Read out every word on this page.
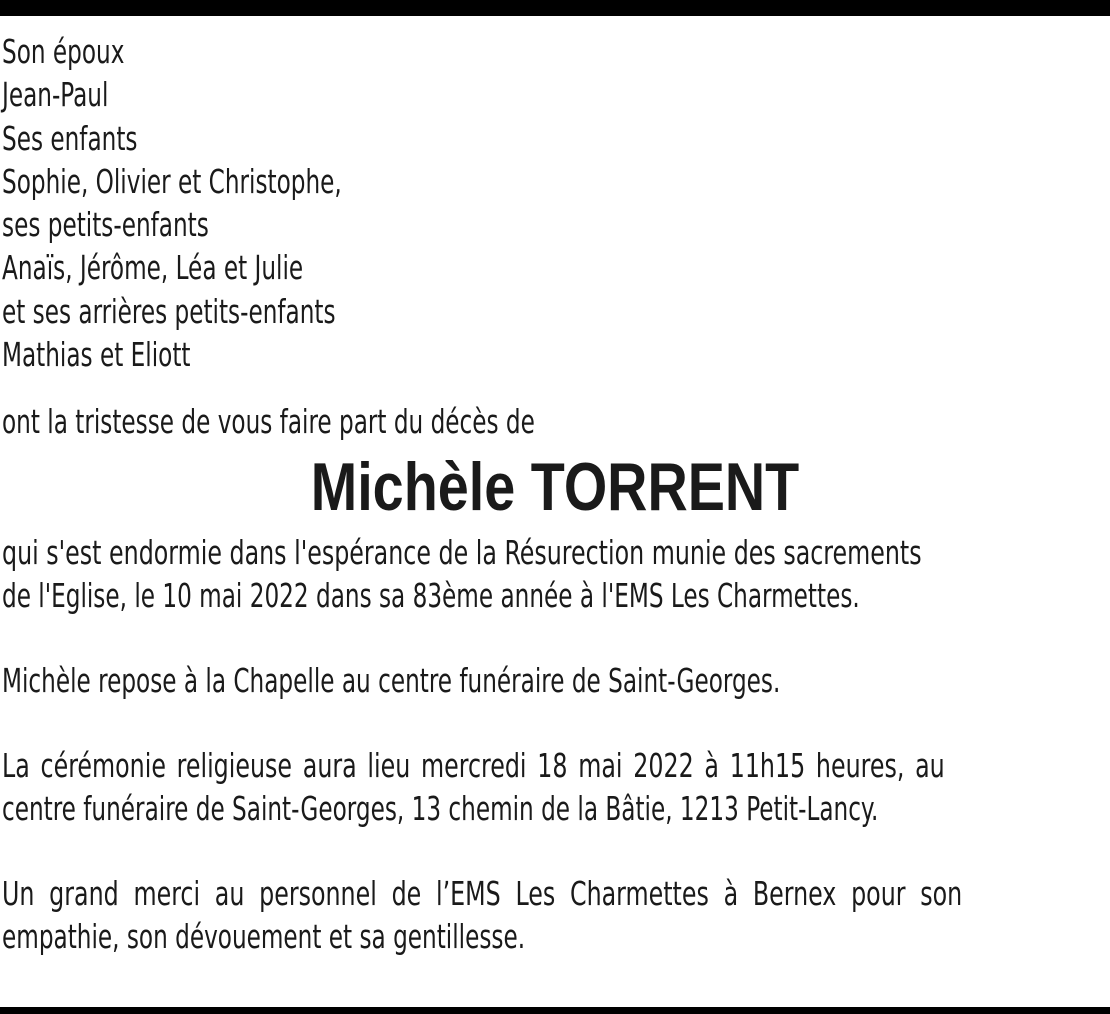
Son époux
Jean-Paul
Ses enfants
Sophie, Olivier et Christophe,
ses petits-enfants
Anaïs, Jérôme, Léa et Julie
et ses arrières petits-enfants
Mathias et Eliott
ont la tristesse de vous faire part du décès de
Michèle TORRENT
qui s'est endormie dans l'espérance de la Résurection munie des sacrements
de l'Eglise, le 10 mai 2022 dans sa 83ème année à l'EMS Les Charmettes.
Michèle repose à la Chapelle au centre funéraire de Saint-Georges.
La cérémonie religieuse aura lieu mercredi 18 mai 2022 à 11h15 heures, au
centre funéraire de Saint-Georges, 13 chemin de la Bâtie, 1213 Petit-Lancy.
Un grand merci au personnel de l’EMS Les Charmettes à Bernex pour son
empathie, son dévouement et sa gentillesse.
